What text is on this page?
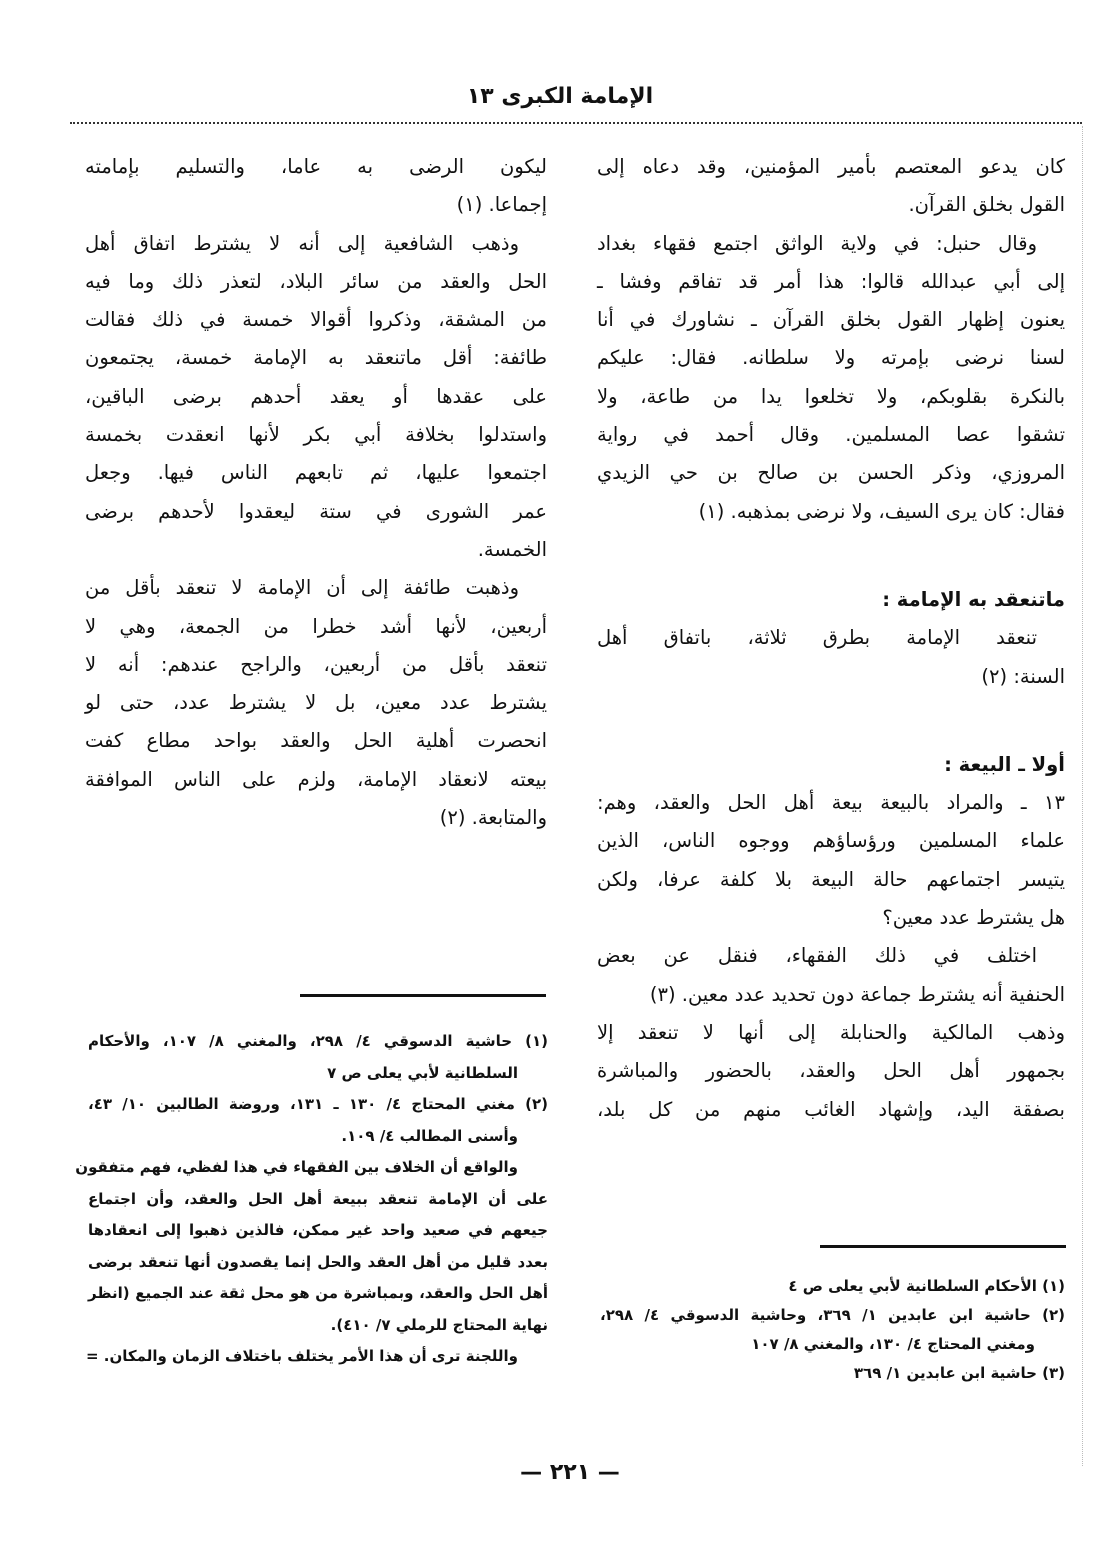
الإمامة الكبرى ١٣
كان يدعو المعتصم بأمير المؤمنين، وقد دعاه إلى
القول بخلق القرآن.
وقال حنبل: في ولاية الواثق اجتمع فقهاء بغداد
إلى أبي عبدالله قالوا: هذا أمر قد تفاقم وفشا ـ
يعنون إظهار القول بخلق القرآن ـ نشاورك في أنا
لسنا نرضى بإمرته ولا سلطانه. فقال: عليكم
بالنكرة بقلوبكم، ولا تخلعوا يدا من طاعة، ولا
تشقوا عصا المسلمين. وقال أحمد في رواية
المروزي، وذكر الحسن بن صالح بن حي الزيدي
فقال: كان يرى السيف، ولا نرضى بمذهبه. (١)
ماتنعقد به الإمامة :
تنعقد الإمامة بطرق ثلاثة، باتفاق أهل
السنة: (٢)
أولا ـ البيعة :
١٣ ـ والمراد بالبيعة بيعة أهل الحل والعقد، وهم:
علماء المسلمين ورؤساؤهم ووجوه الناس، الذين
يتيسر اجتماعهم حالة البيعة بلا كلفة عرفا، ولكن
هل يشترط عدد معين؟
اختلف في ذلك الفقهاء، فنقل عن بعض
الحنفية أنه يشترط جماعة دون تحديد عدد معين. (٣)
وذهب المالكية والحنابلة إلى أنها لا تنعقد إلا
بجمهور أهل الحل والعقد، بالحضور والمباشرة
بصفقة اليد، وإشهاد الغائب منهم من كل بلد،
ليكون الرضى به عاما، والتسليم بإمامته
إجماعا. (١)
وذهب الشافعية إلى أنه لا يشترط اتفاق أهل
الحل والعقد من سائر البلاد، لتعذر ذلك وما فيه
من المشقة، وذكروا أقوالا خمسة في ذلك فقالت
طائفة: أقل ماتنعقد به الإمامة خمسة، يجتمعون
على عقدها أو يعقد أحدهم برضى الباقين،
واستدلوا بخلافة أبي بكر لأنها انعقدت بخمسة
اجتمعوا عليها، ثم تابعهم الناس فيها. وجعل
عمر الشورى في ستة ليعقدوا لأحدهم برضى
الخمسة.
وذهبت طائفة إلى أن الإمامة لا تنعقد بأقل من
أربعين، لأنها أشد خطرا من الجمعة، وهي لا
تنعقد بأقل من أربعين، والراجح عندهم: أنه لا
يشترط عدد معين، بل لا يشترط عدد، حتى لو
انحصرت أهلية الحل والعقد بواحد مطاع كفت
بيعته لانعقاد الإمامة، ولزم على الناس الموافقة
والمتابعة. (٢)
(١) حاشية الدسوقي ٤/ ٢٩٨، والمغني ٨/ ١٠٧، والأحكام
السلطانية لأبي يعلى ص ٧
(٢) مغني المحتاج ٤/ ١٣٠ ـ ١٣١، وروضة الطالبين ١٠/ ٤٣،
وأسنى المطالب ٤/ ١٠٩.
والواقع أن الخلاف بين الفقهاء في هذا لفظي، فهم متفقون
على أن الإمامة تنعقد ببيعة أهل الحل والعقد، وأن اجتماع
جيعهم في صعيد واحد غير ممكن، فالذين ذهبوا إلى انعقادها
بعدد قليل من أهل العقد والحل إنما يقصدون أنها تنعقد برضى
أهل الحل والعقد، وبمباشرة من هو محل ثقة عند الجميع (انظر
نهاية المحتاج للرملي ٧/ ٤١٠).
واللجنة ترى أن هذا الأمر يختلف باختلاف الزمان والمكان. =
(١) الأحكام السلطانية لأبي يعلى ص ٤
(٢) حاشية ابن عابدين ١/ ٣٦٩، وحاشية الدسوقي ٤/ ٢٩٨،
ومغني المحتاج ٤/ ١٣٠، والمغني ٨/ ١٠٧
(٣) حاشية ابن عابدين ١/ ٣٦٩
— ٢٢١ —
